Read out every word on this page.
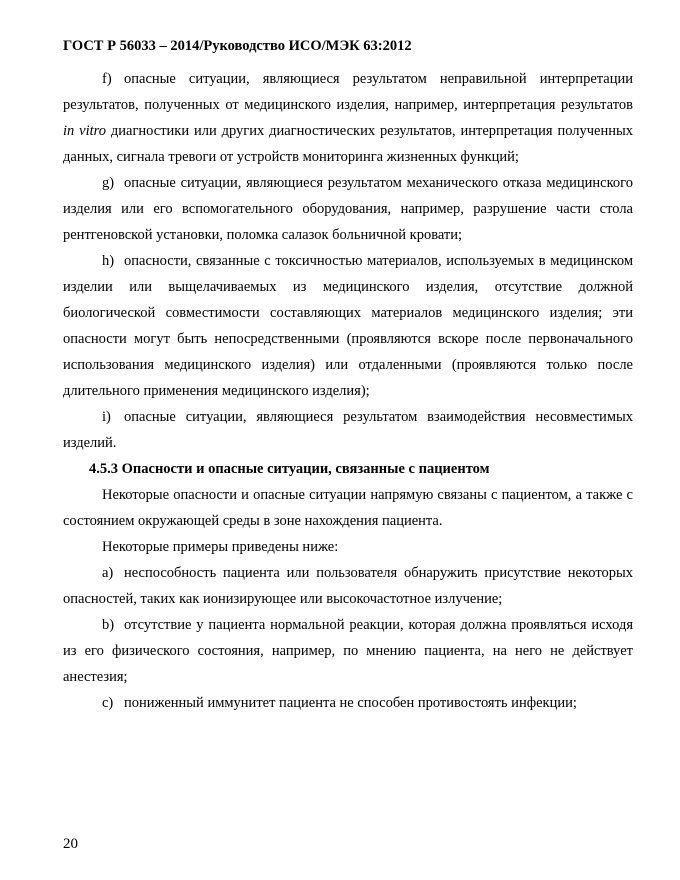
ГОСТ Р 56033 – 2014/Руководство ИСО/МЭК 63:2012

f) опасные ситуации, являющиеся результатом неправильной интерпретации результатов, полученных от медицинского изделия, например, интерпретация результатов in vitro диагностики или других диагностических результатов, интерпретация полученных данных, сигнала тревоги от устройств мониторинга жизненных функций;

g) опасные ситуации, являющиеся результатом механического отказа медицинского изделия или его вспомогательного оборудования, например, разрушение части стола рентгеновской установки, поломка салазок больничной кровати;

h) опасности, связанные с токсичностью материалов, используемых в медицинском изделии или выщелачиваемых из медицинского изделия, отсутствие должной биологической совместимости составляющих материалов медицинского изделия; эти опасности могут быть непосредственными (проявляются вскоре после первоначального использования медицинского изделия) или отдаленными (проявляются только после длительного применения медицинского изделия);

i) опасные ситуации, являющиеся результатом взаимодействия несовместимых изделий.

4.5.3 Опасности и опасные ситуации, связанные с пациентом

Некоторые опасности и опасные ситуации напрямую связаны с пациентом, а также с состоянием окружающей среды в зоне нахождения пациента.

Некоторые примеры приведены ниже:

a) неспособность пациента или пользователя обнаружить присутствие некоторых опасностей, таких как ионизирующее или высокочастотное излучение;

b) отсутствие у пациента нормальной реакции, которая должна проявляться исходя из его физического состояния, например, по мнению пациента, на него не действует анестезия;

c) пониженный иммунитет пациента не способен противостоять инфекции;

20
